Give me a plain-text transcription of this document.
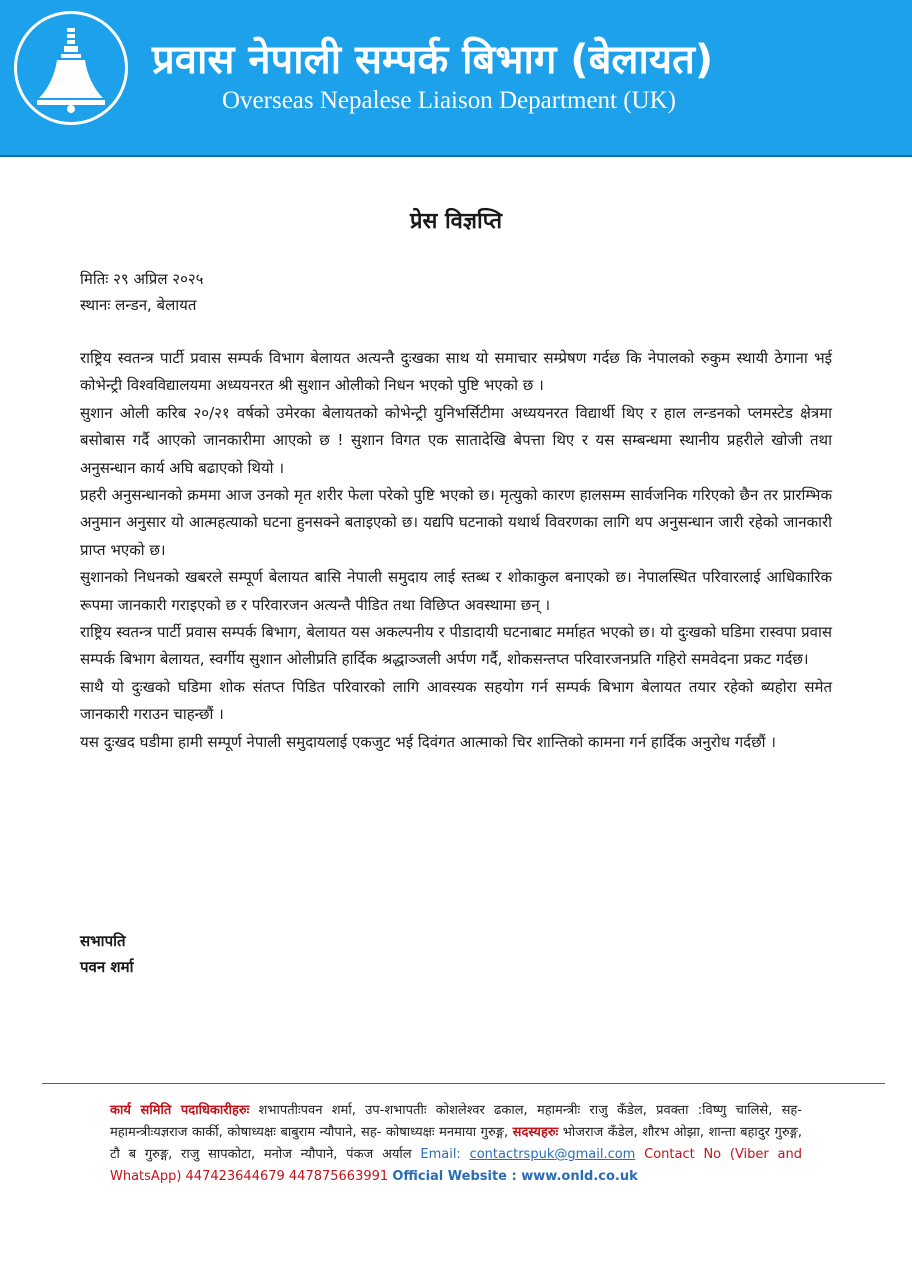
प्रवास नेपाली सम्पर्क बिभाग (बेलायत)
Overseas Nepalese Liaison Department (UK)
प्रेस विज्ञप्ति
मितिः २९ अप्रिल २०२५
स्थानः लन्डन, बेलायत

राष्ट्रिय स्वतन्त्र पार्टी प्रवास सम्पर्क विभाग बेलायत अत्यन्तै दुःखका साथ यो समाचार सम्प्रेषण गर्दछ कि नेपालको रुकुम स्थायी ठेगाना भई कोभेन्ट्री विश्वविद्यालयमा अध्ययनरत श्री सुशान ओलीको निधन भएको पुष्टि भएको छ ।

सुशान ओली करिब २०/२१ वर्षको उमेरका बेलायतको कोभेन्ट्री युनिभर्सिटीमा अध्ययनरत विद्यार्थी थिए र हाल लन्डनको प्लमस्टेड क्षेत्रमा बसोबास गर्दै आएको जानकारीमा आएको छ ! सुशान विगत एक सातादेखि बेपत्ता थिए र यस सम्बन्धमा स्थानीय प्रहरीले खोजी तथा अनुसन्धान कार्य अघि बढाएको थियो ।

प्रहरी अनुसन्धानको क्रममा आज उनको मृत शरीर फेला परेको पुष्टि भएको छ। मृत्युको कारण हालसम्म सार्वजनिक गरिएको छैन तर प्रारम्भिक अनुमान अनुसार यो आत्महत्याको घटना हुनसक्ने बताइएको छ। यद्यपि घटनाको यथार्थ विवरणका लागि थप अनुसन्धान जारी रहेको जानकारी प्राप्त भएको छ।

सुशानको निधनको खबरले सम्पूर्ण बेलायत बासि नेपाली समुदाय लाई स्तब्ध र शोकाकुल बनाएको छ। नेपालस्थित परिवारलाई आधिकारिक रूपमा जानकारी गराइएको छ र परिवारजन अत्यन्तै पीडित तथा विछिप्त अवस्थामा छन् ।

राष्ट्रिय स्वतन्त्र पार्टी प्रवास सम्पर्क बिभाग, बेलायत यस अकल्पनीय र पीडादायी घटनाबाट मर्माहत भएको छ। यो दुःखको घडिमा रास्वपा प्रवास सम्पर्क बिभाग बेलायत, स्वर्गीय सुशान ओलीप्रति हार्दिक श्रद्धाञ्जली अर्पण गर्दै, शोकसन्तप्त परिवारजनप्रति गहिरो समवेदना प्रकट गर्दछ।

साथै यो दुःखको घडिमा शोक संतप्त पिडित परिवारको लागि आवस्यक सहयोग गर्न सम्पर्क बिभाग बेलायत तयार रहेको ब्यहोरा समेत जानकारी गराउन चाहन्छौं ।

यस दुःखद घडीमा हामी सम्पूर्ण नेपाली समुदायलाई एकजुट भई दिवंगत आत्माको चिर शान्तिको कामना गर्न हार्दिक अनुरोध गर्दछौं ।

सभापति
पवन शर्मा
कार्य समिति पदाधिकारीहरुः शभापतीःपवन शर्मा, उप-शभापतीः कोशलेश्वर ढकाल, महामन्त्रीः राजु कँडेल, प्रवक्ता :विष्णु चालिसे, सह-महामन्त्रीःयज्ञराज कार्की, कोषाध्यक्षः बाबुराम न्यौपाने, सह- कोषाध्यक्षः मनमाया गुरुङ्ग, सदस्यहरुः भोजराज कँडेल, शौरभ ओझा, शान्ता बहादुर गुरुङ्ग, टौ ब गुरुङ्ग, राजु सापकोटा, मनोज न्यौपाने, पंकज अर्याल Email: contactrspuk@gmail.com Contact No (Viber and WhatsApp) 447423644679 447875663991 Official Website : www.onld.co.uk
